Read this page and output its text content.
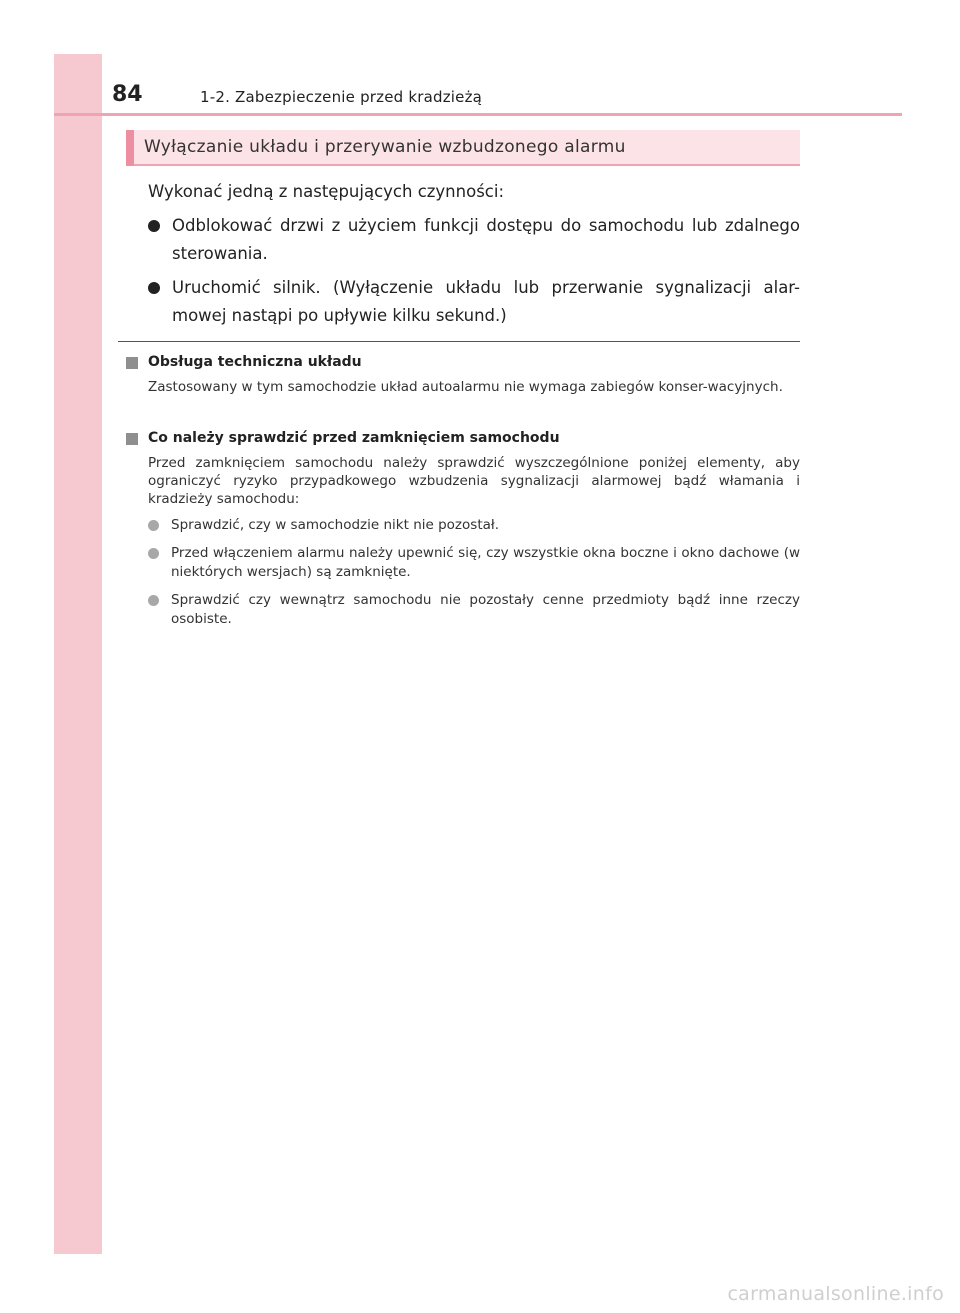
84	1-2. Zabezpieczenie przed kradzieżą
Wyłączanie układu i przerywanie wzbudzonego alarmu
Wykonać jedną z następujących czynności:
Odblokować drzwi z użyciem funkcji dostępu do samochodu lub zdalnego sterowania.
Uruchomić silnik. (Wyłączenie układu lub przerwanie sygnalizacji alar-mowej nastąpi po upływie kilku sekund.)
Obsługa techniczna układu
Zastosowany w tym samochodzie układ autoalarmu nie wymaga zabiegów konser-wacyjnych.
Co należy sprawdzić przed zamknięciem samochodu
Przed zamknięciem samochodu należy sprawdzić wyszczególnione poniżej elementy, aby ograniczyć ryzyko przypadkowego wzbudzenia sygnalizacji alarmowej bądź włamania i kradzieży samochodu:
Sprawdzić, czy w samochodzie nikt nie pozostał.
Przed włączeniem alarmu należy upewnić się, czy wszystkie okna boczne i okno dachowe (w niektórych wersjach) są zamknięte.
Sprawdzić czy wewnątrz samochodu nie pozostały cenne przedmioty bądź inne rzeczy osobiste.
carmanualsonline.info
